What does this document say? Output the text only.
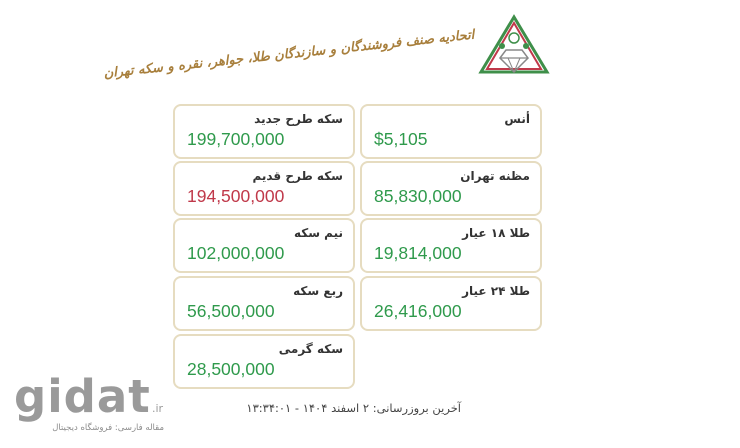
اتحادیه صنف فروشندگان و سازندگان طلا، جواهر، نقره و سکه تهران
أنس
$5,105
مظنه تهران
85,830,000
طلا ۱۸ عیار
19,814,000
طلا ۲۴ عیار
26,416,000
سکه طرح جدید
199,700,000
سکه طرح قدیم
194,500,000
نیم سکه
102,000,000
ربع سکه
56,500,000
سکه گرمی
28,500,000
آخرین بروزرسانی: ۲ اسفند ۱۴۰۴ - ۱۳:۳۴:۰۱
gidat .ir
مقاله فارسی: فروشگاه دیجیتال
